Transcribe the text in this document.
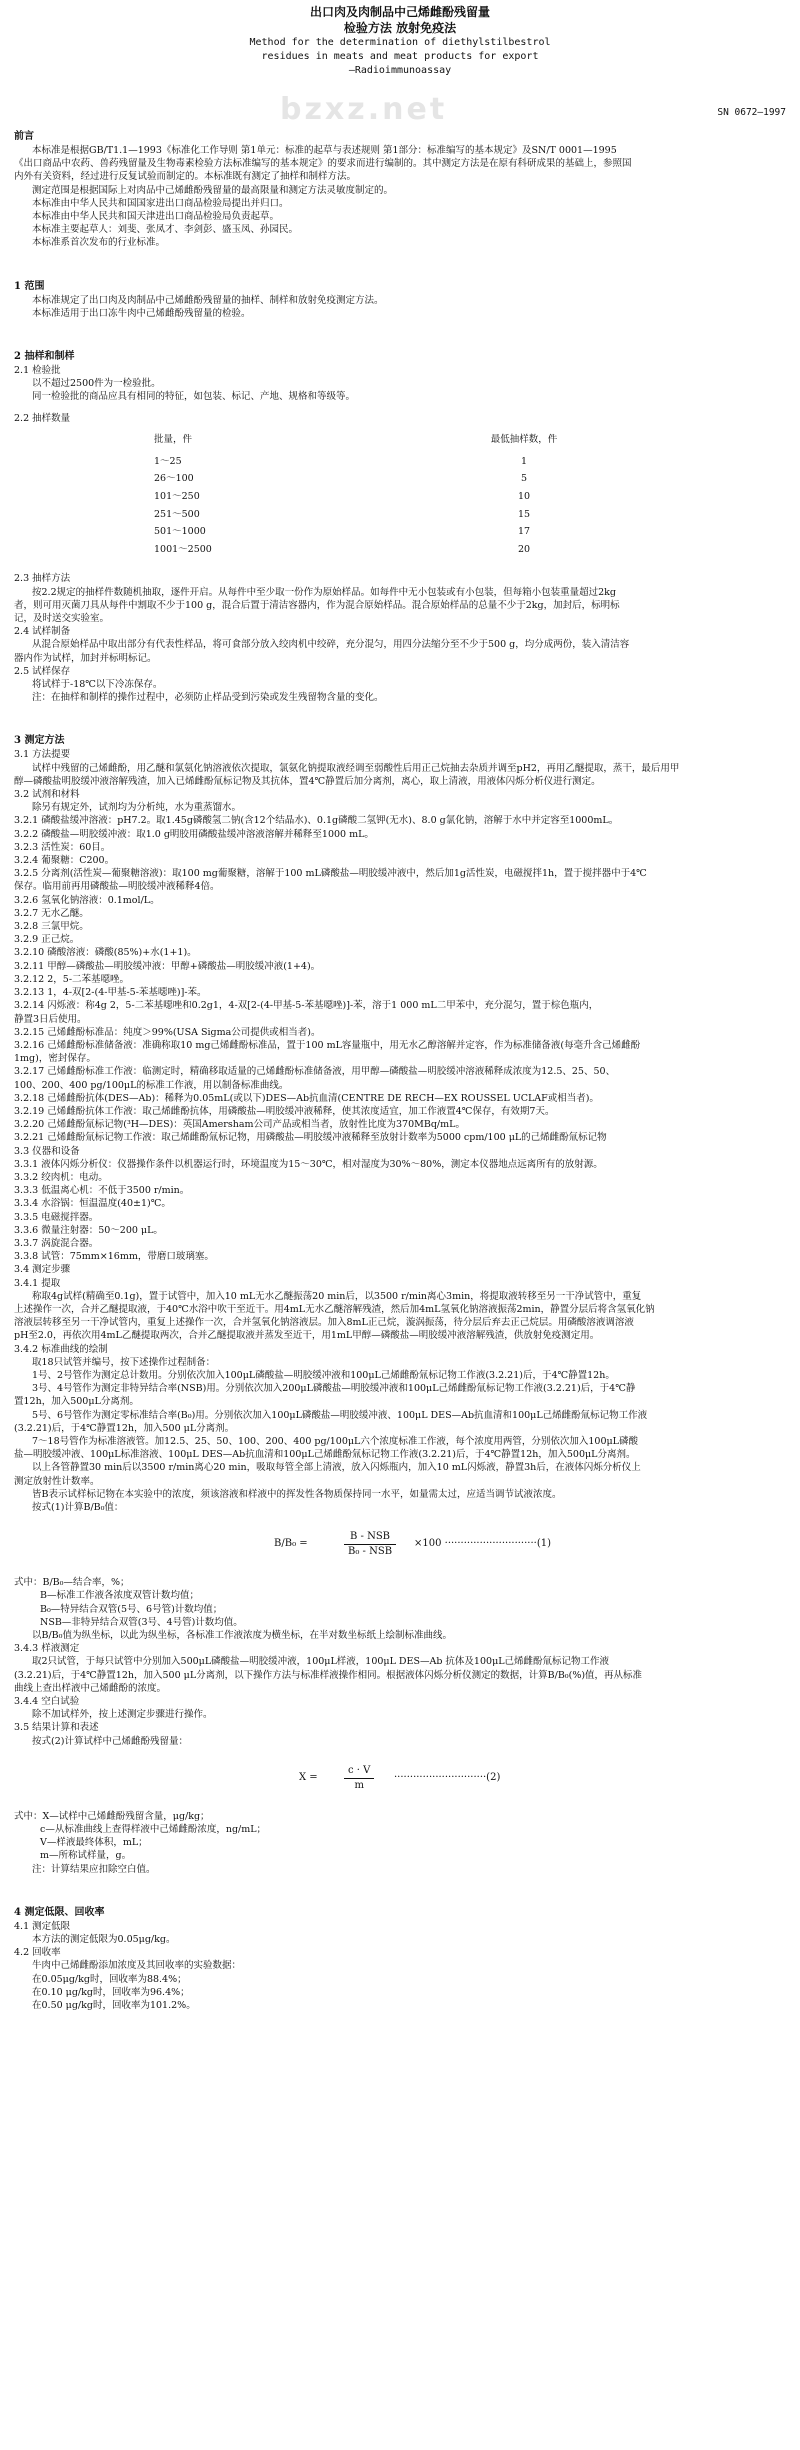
bzxz.net
出口肉及肉制品中己烯雌酚残留量
检验方法 放射免疫法
Method for the determination of diethylstilbestrol
residues in meats and meat products for export
—Radioimmunoassay
SN 0672—1997
前言

本标准是根据GB/T1.1—1993《标准化工作导则 第1单元：标准的起草与表述规则 第1部分：标准编写的基本规定》及SN/T 0001—1995

《出口商品中农药、兽药残留量及生物毒素检验方法标准编写的基本规定》的要求而进行编制的。其中测定方法是在原有科研成果的基础上，参照国

内外有关资料，经过进行反复试验而制定的。本标准既有测定了抽样和制样方法。

测定范围是根据国际上对肉品中己烯雌酚残留量的最高限量和测定方法灵敏度制定的。

本标准由中华人民共和国国家进出口商品检验局提出并归口。

本标准由中华人民共和国天津进出口商品检验局负责起草。

本标准主要起草人：刘斐、张凤才、李剑彭、盛玉凤、孙园民。

本标准系首次发布的行业标准。

1 范围

本标准规定了出口肉及肉制品中己烯雌酚残留量的抽样、制样和放射免疫测定方法。

本标准适用于出口冻牛肉中己烯雌酚残留量的检验。

2 抽样和制样

2.1 检验批

以不超过2500件为一检验批。

同一检验批的商品应具有相同的特征，如包装、标记、产地、规格和等级等。

2.2 抽样数量

批量，件	最低抽样数，件
1～25	1
26～100	5
101～250	10
251～500	15
501～1000	17
1001～2500	20

2.3 抽样方法

按2.2规定的抽样件数随机抽取，逐件开启。从每件中至少取一份作为原始样品。如每件中无小包装或有小包装，但每箱小包装重量超过2kg

者，则可用灭菌刀具从每件中割取不少于100 g，混合后置于清洁容器内，作为混合原始样品。混合原始样品的总量不少于2kg，加封后，标明标

记，及时送交实验室。

2.4 试样制备

从混合原始样品中取出部分有代表性样品，将可食部分放入绞肉机中绞碎，充分混匀，用四分法缩分至不少于500 g，均分成两份，装入清洁容

器内作为试样，加封并标明标记。

2.5 试样保存

将试样于-18℃以下冷冻保存。

注：在抽样和制样的操作过程中，必须防止样品受到污染或发生残留物含量的变化。

3 测定方法

3.1 方法提要

试样中残留的己烯雌酚，用乙醚和氯氨化钠溶液依次提取，氯氨化钠提取液经调至弱酸性后用正己烷抽去杂质并调至pH2，再用乙醚提取，蒸干，最后用甲

醇—磷酸盐明胶缓冲液溶解残渣，加入已烯雌酚氚标记物及其抗体，置4℃静置后加分离剂，离心，取上清液，用液体闪烁分析仪进行测定。

3.2 试剂和材料

除另有规定外，试剂均为分析纯，水为重蒸馏水。

3.2.1 磷酸盐缓冲溶液：pH7.2。取1.45g磷酸氢二钠(含12个结晶水)、0.1g磷酸二氢钾(无水)、8.0 g氯化钠，溶解于水中并定容至1000mL。

3.2.2 磷酸盐—明胶缓冲液：取1.0 g明胶用磷酸盐缓冲溶液溶解并稀释至1000 mL。

3.2.3 活性炭：60目。

3.2.4 葡聚糖：C200。

3.2.5 分离剂(活性炭—葡聚糖溶液)：取100 mg葡聚糖，溶解于100 mL磷酸盐—明胶缓冲液中，然后加1g活性炭，电磁搅拌1h，置于搅拌器中于4℃

保存。临用前再用磷酸盐—明胶缓冲液稀释4倍。

3.2.6 氢氧化钠溶液：0.1mol/L。

3.2.7 无水乙醚。

3.2.8 三氯甲烷。

3.2.9 正己烷。

3.2.10 磷酸溶液：磷酸(85%)+水(1+1)。

3.2.11 甲醇—磷酸盐—明胶缓冲液：甲醇+磷酸盐—明胶缓冲液(1+4)。

3.2.12 2，5-二苯基噁唑。

3.2.13 1，4-双[2-(4-甲基-5-苯基噁唑)]-苯。

3.2.14 闪烁液：称4g 2，5-二苯基噁唑和0.2g1，4-双[2-(4-甲基-5-苯基噁唑)]-苯，溶于1 000 mL二甲苯中，充分混匀，置于棕色瓶内，

静置3日后使用。

3.2.15 己烯雌酚标准品：纯度＞99%(USA Sigma公司提供或相当者)。

3.2.16 己烯雌酚标准储备液：准确称取10 mg己烯雌酚标准品，置于100 mL容量瓶中，用无水乙醇溶解并定容，作为标准储备液(每毫升含己烯雌酚

1mg)，密封保存。

3.2.17 己烯雌酚标准工作液：临测定时，精确移取适量的己烯雌酚标准储备液，用甲醇—磷酸盐—明胶缓冲溶液稀释成浓度为12.5、25、50、

100、200、400 pg/100μL的标准工作液，用以制备标准曲线。

3.2.18 己烯雌酚抗体(DES—Ab)：稀释为0.05mL(或以下)DES—Ab抗血清(CENTRE DE RECH—EX ROUSSEL UCLAF或相当者)。

3.2.19 己烯雌酚抗体工作液：取己烯雌酚抗体，用磷酸盐—明胶缓冲液稀释，使其浓度适宜，加工作液置4℃保存，有效期7天。

3.2.20 己烯雌酚氚标记物(³H—DES)：英国Amersham公司产品或相当者，放射性比度为370MBq/mL。

3.2.21 己烯雌酚氚标记物工作液：取己烯雌酚氚标记物，用磷酸盐—明胶缓冲液稀释至放射计数率为5000 cpm/100 μL的己烯雌酚氚标记物

3.3 仪器和设备

3.3.1 液体闪烁分析仪：仪器操作条件以机器运行时，环境温度为15～30℃，相对湿度为30%～80%，测定本仪器地点远离所有的放射源。

3.3.2 绞肉机：电动。

3.3.3 低温离心机：不低于3500 r/min。

3.3.4 水浴锅：恒温温度(40±1)℃。

3.3.5 电磁搅拌器。

3.3.6 微量注射器：50～200 μL。

3.3.7 涡旋混合器。

3.3.8 试管：75mm×16mm，带磨口玻璃塞。

3.4 测定步骤

3.4.1 提取

称取4g试样(精确至0.1g)，置于试管中，加入10 mL无水乙醚振荡20 min后，以3500 r/min离心3min，将提取液转移至另一干净试管中，重复

上述操作一次，合并乙醚提取液，于40℃水浴中吹干至近干。用4mL无水乙醚溶解残渣，然后加4mL氢氧化钠溶液振荡2min，静置分层后将含氢氧化钠

溶液层转移至另一干净试管内，重复上述操作一次，合并氢氧化钠溶液层。加入8mL正己烷，漩涡振荡，待分层后弃去正己烷层。用磷酸溶液调溶液

pH至2.0，再依次用4mL乙醚提取两次，合并乙醚提取液并蒸发至近干，用1mL甲醇—磷酸盐—明胶缓冲液溶解残渣，供放射免疫测定用。

3.4.2 标准曲线的绘制

取18只试管并编号，按下述操作过程制备：

1号、2号管作为测定总计数用。分别依次加入100μL磷酸盐—明胶缓冲液和100μL己烯雌酚氚标记物工作液(3.2.21)后，于4℃静置12h。

3号、4号管作为测定非特异结合率(NSB)用。分别依次加入200μL磷酸盐—明胶缓冲液和100μL己烯雌酚氚标记物工作液(3.2.21)后，于4℃静

置12h，加入500μL分离剂。

5号、6号管作为测定零标准结合率(B₀)用。分别依次加入100μL磷酸盐—明胶缓冲液、100μL DES—Ab抗血清和100μL己烯雌酚氚标记物工作液

(3.2.21)后，于4℃静置12h，加入500 μL分离剂。

7～18号管作为标准溶液管。加12.5、25、50、100、200、400 pg/100μL六个浓度标准工作液，每个浓度用两管，分别依次加入100μL磷酸

盐—明胶缓冲液、100μL标准溶液、100μL DES—Ab抗血清和100μL己烯雌酚氚标记物工作液(3.2.21)后，于4℃静置12h，加入500μL分离剂。

以上各管静置30 min后以3500 r/min离心20 min，吸取每管全部上清液，放入闪烁瓶内，加入10 mL闪烁液，静置3h后，在液体闪烁分析仪上

测定放射性计数率。

皆B表示试样标记物在本实验中的浓度，须该溶液和样液中的挥发性各物质保持同一水平，如量需太过，应适当调节试液浓度。

按式(1)计算B/B₀值：

B/B₀ =
B - NSB
B₀ - NSB
×100 ·····························(1)

式中：B/B₀—结合率，%；

B—标准工作液各浓度双管计数均值；

B₀—特异结合双管(5号、6号管)计数均值；

NSB—非特异结合双管(3号、4号管)计数均值。

以B/B₀值为纵坐标，以此为纵坐标，各标准工作液浓度为横坐标，在半对数坐标纸上绘制标准曲线。

3.4.3 样液测定

取2只试管，于每只试管中分别加入500μL磷酸盐—明胶缓冲液，100μL样液，100μL DES—Ab 抗体及100μL己烯雌酚氚标记物工作液

(3.2.21)后，于4℃静置12h，加入500 μL分离剂，以下操作方法与标准样液操作相同。根据液体闪烁分析仪测定的数据，计算B/B₀(%)值，再从标准

曲线上查出样液中己烯雌酚的浓度。

3.4.4 空白试验

除不加试样外，按上述测定步骤进行操作。

3.5 结果计算和表述

按式(2)计算试样中己烯雌酚残留量：

X =	$\frac{c \cdot V}{m} \cdot\cdot\cdot\cdot\cdot\cdot\cdot\cdot\cdot\cdot\cdot\cdot\cdot\cdot\cdot\cdot\cdot\cdot\cdot\cdot\cdot\cdot\cdot\cdot\cdot\cdot\cdot\cdot\cdot(2)$

式中：X—试样中己烯雌酚残留含量，μg/kg；

c—从标准曲线上查得样液中己烯雌酚浓度，ng/mL；

V—样液最终体积，mL；

m—所称试样量，g。

注：计算结果应扣除空白值。

4 测定低限、回收率

4.1 测定低限

本方法的测定低限为0.05μg/kg。

4.2 回收率

牛肉中己烯雌酚添加浓度及其回收率的实验数据：

在0.05μg/kg时，回收率为88.4%；

在0.10 μg/kg时，回收率为96.4%；

在0.50 μg/kg时，回收率为101.2%。
